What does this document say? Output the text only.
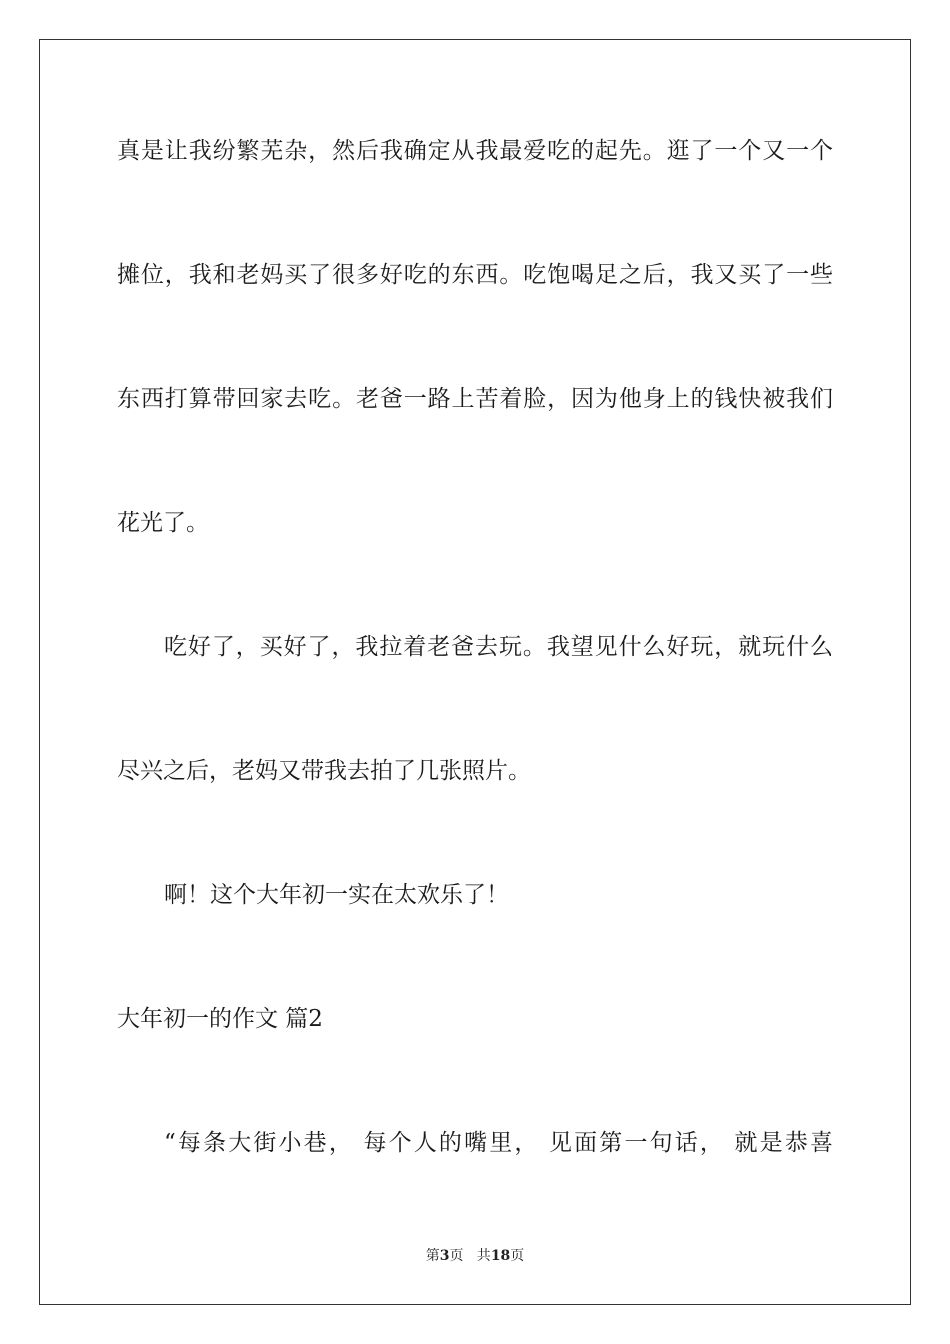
真是让我纷繁芜杂，然后我确定从我最爱吃的起先。逛了一个又一个
摊位，我和老妈买了很多好吃的东西。吃饱喝足之后，我又买了一些
东西打算带回家去吃。老爸一路上苦着脸，因为他身上的钱快被我们
花光了。
吃好了，买好了，我拉着老爸去玩。我望见什么好玩，就玩什么
尽兴之后，老妈又带我去拍了几张照片。
啊！这个大年初一实在太欢乐了！
大年初一的作文 篇2
“每条大街小巷， 每个人的嘴里， 见面第一句话， 就是恭喜
第3页   共18页
